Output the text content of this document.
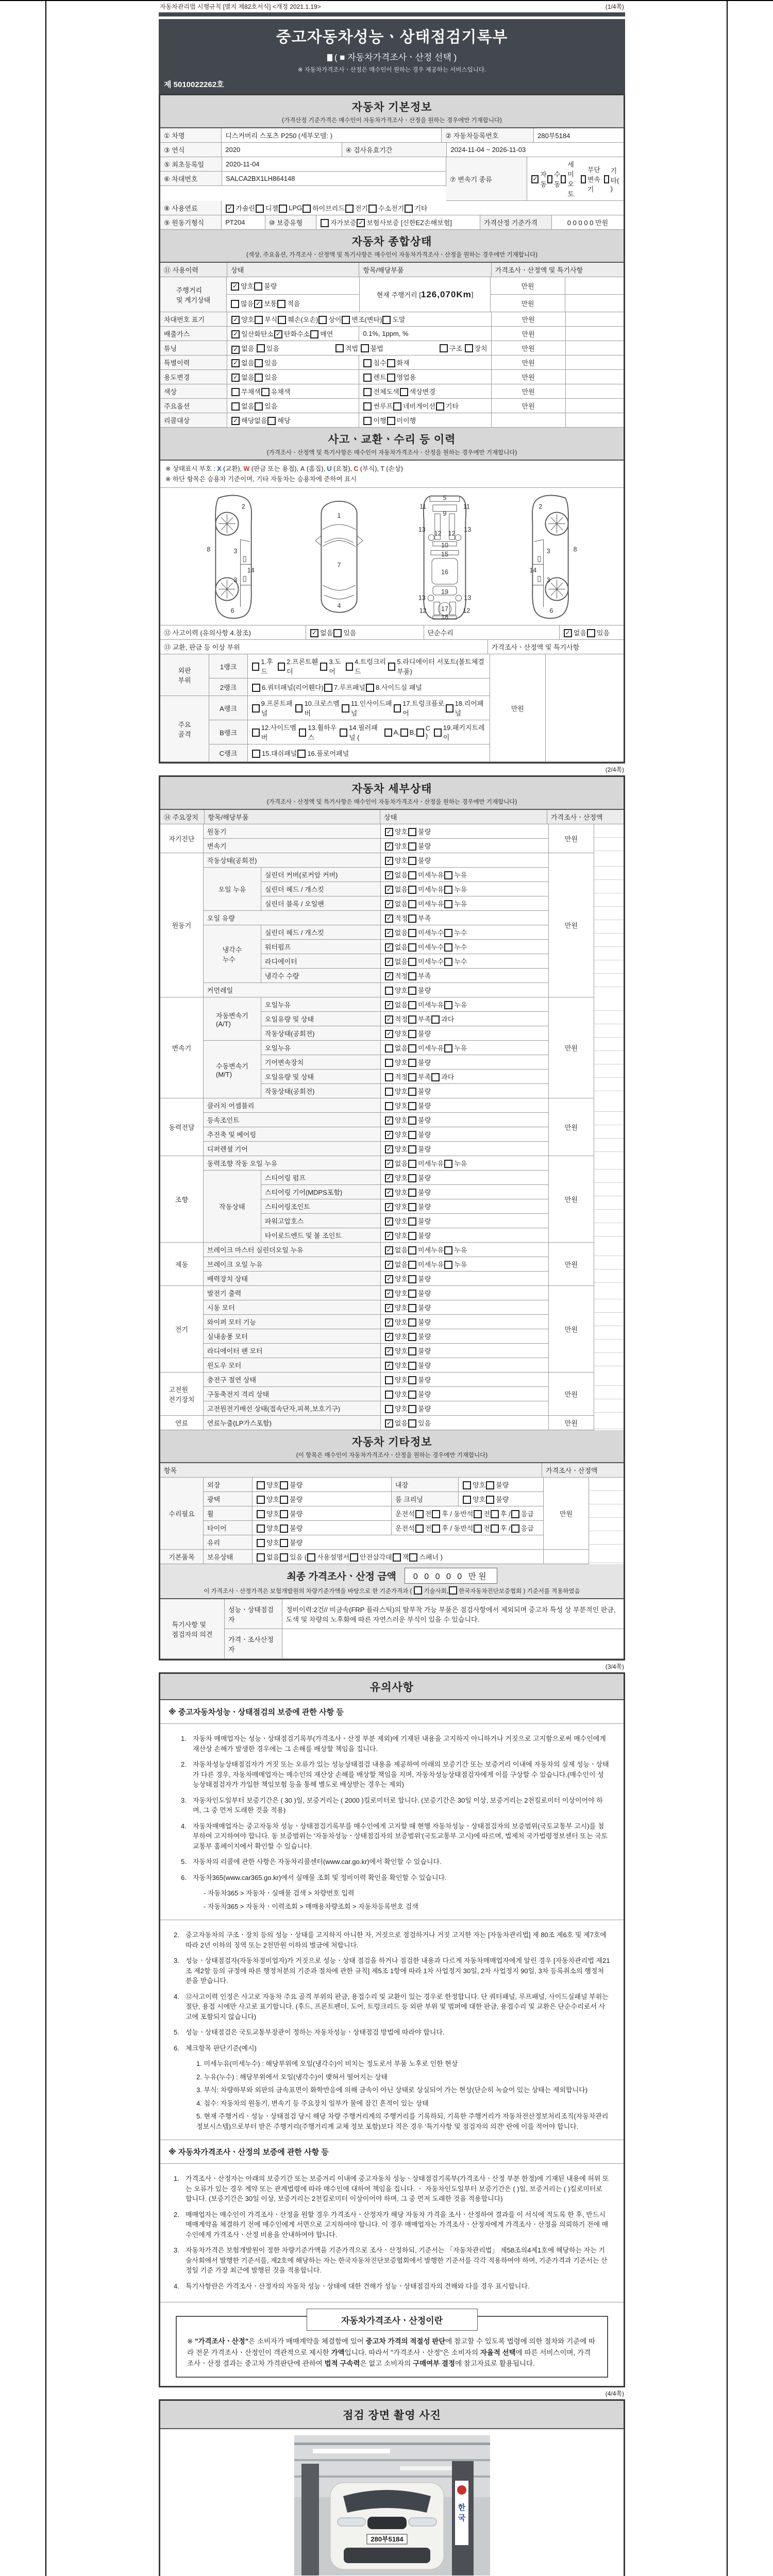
자동차관리법 시행규칙 [별지 제82호서식] <개정 2021.1.19>	(1/4쪽)
중고자동차성능ㆍ상태점검기록부
( ■ 자동차가격조사ㆍ산정 선택 )
※ 자동차가격조사ㆍ산정은 매수인이 원하는 경우 제공하는 서비스입니다.
제 5010022262호
자동차 기본정보

(가격산정 기준가격은 매수인이 자동차가격조사ㆍ산정을 원하는 경우에만 기재합니다)

① 차명	디스커버리 스포츠 P250 (세부모델: )	② 자동차등록번호	280부5184
③ 연식	2020	④ 검사유효기간	2024-11-04 ~ 2026-11-03
⑤ 최초등록일	2020-11-04
⑥ 차대번호	SALCA2BX1LH864148	⑦ 변속기 종류	✓
자동
수동
세미오토

무단변속기
기타( )
⑧ 사용연료	✓ 가솔린
디젤
LPG
하이브리드
전기
수소전기
기타
⑨ 원동기형식	PT204	⑩ 보증유형	자가보증 ✓ 보험사보증 [신한EZ손해보험]	가격산정 기준가격	0 0 0 0 0 만원
자동차 종합상태

(색상, 주요옵션, 가격조사ㆍ산정액 및 특기사항은 매수인이 자동차가격조사ㆍ산정을 원하는 경우에만 기재합니다)

⑪ 사용이력	상태	항목/해당부품	가격조사ㆍ산정액 및 특기사항
주행거리
및 계기상태
✓ 양호
불량
많음 ✓ 보통
적음
현재 주행거리 [ 126,070Km ]
만원
만원
차대번호 표기	✓ 양호
부식
훼손(오손)
상이
변조(변타)
도말	만원
배출가스	✓ 일산화탄소 ✓ 탄화수소
매연	0.1%, 1ppm, %	만원
튜닝	✓ 없음 있음	적법 불법	구조 장치	만원
특별이력	✓ 없음
있음	침수
화재	만원
용도변경	✓ 없음
있음	렌트
영업용	만원
색상	무채색
유채색	전체도색
색상변경	만원
주요옵션	없음
있음	썬루프
네비게이션
기타	만원
리콜대상	✓ 해당없음
해당	이행
미이행
사고ㆍ교환ㆍ수리 등 이력

(가격조사ㆍ산정액 및 특기사항은 매수인이 자동차가격조사ㆍ산정을 원하는 경우에만 기재합니다)

※ 상태표시 부호 : X (교환), W (판금 또는 용접), A (흠집), U (요철), C (부식), T (손상)
※ 하단 항목은 승용차 기준이며, 기타 자동차는 승용차에 준하여 표시
2
8	3
14
3
6
1
7
4
5
9
11	11
12 12
13	13
10
15
16
19
13	13
12	12
17
18
2
8
3
14
3
6
⑫ 사고이력 (유의사항 4.참조)	✓ 없음
있음	단순수리	✓ 없음
있음
⑬ 교환, 판금 등 이상 부위	가격조사ㆍ산정액 및 특기사항
외판
부위
1랭크
1.후드
2.프론트휀더
3.도어
4.트렁크리드

5.라디에이터 서포트(볼트체결부품)
2랭크	6.쿼터패널(리어휀다)
7.루프패널
8.사이드실 패널
주요
골격
A랭크
9.프론트패널
10.크로스멤버
11.인사이드패널
17.트렁크플로어

18.리어패널
B랭크
12.사이드멤버
13.휠하우스
14.필러패널 (
A,
B,
C )

19.패키지트레이
C랭크	15.대쉬패널
16.플로어패널
만원
(2/4쪽)
자동차 세부상태

(가격조사ㆍ산정액 및 특기사항은 매수인이 자동차가격조사ㆍ산정을 원하는 경우에만 기재합니다)

⑭ 주요장치	항목/해당부품	상태	가격조사ㆍ산정액
자기진단
원동기	✓ 양호
불량
변속기	✓ 양호
불량
만원
원동기
작동상태(공회전)	✓ 양호
불량
오일 누유
실린더 커버(로커암 커버)	✓ 없음
미세누유
누유
실린더 헤드 / 개스킷	✓ 없음
미세누유
누유
실린더 블록 / 오일팬	✓ 없음
미세누유
누유
오일 유량	✓ 적정
부족
냉각수
누수
실린더 헤드 / 개스킷	✓ 없음
미세누수
누수
워터펌프	✓ 없음
미세누수
누수
라디에이터	✓ 없음
미세누수
누수
냉각수 수량	✓ 적정
부족
커먼레일	양호
불량
만원
변속기
자동변속기
(A/T)
오일누유	✓ 없음
미세누유
누유
오일유량 및 상태	✓ 적정
부족
과다
작동상태(공회전)	✓ 양호
불량
수동변속기
(M/T)
오일누유	없음
미세누유
누유
기어변속장치	양호
불량
오일유량 및 상태	적정
부족
과다
작동상태(공회전)	양호
불량
만원
동력전달
클러치 어셈블리	양호
불량
등속조인트	✓ 양호
불량
추진축 및 베어링	✓ 양호
불량
디퍼렌셜 기어	✓ 양호
불량
만원
조향
동력조향 작동 오일 누유	✓ 없음
미세누유
누유
작동상태
스티어링 펌프	✓ 양호
불량
스티어링 기어(MDPS포함)	✓ 양호
불량
스티어링조인트	✓ 양호
불량
파워고압호스	✓ 양호
불량
타이로드엔드 및 볼 조인트	✓ 양호
불량
만원
제동
브레이크 마스터 실린더오일 누유	✓ 없음
미세누유
누유
브레이크 오일 누유	✓ 없음
미세누유
누유
배력장치 상태	✓ 양호
불량
만원
전기
발전기 출력	✓ 양호
불량
시동 모터	✓ 양호
불량
와이퍼 모터 기능	✓ 양호
불량
실내송풍 모터	✓ 양호
불량
라디에이터 팬 모터	✓ 양호
불량
윈도우 모터	✓ 양호
불량
만원
고전원
전기장치
충전구 절연 상태	양호
불량
구동축전지 격리 상태	양호
불량
고전원전기배선 상태(접속단자,피복,보호기구)	양호
불량
만원
연료	연료누출(LP가스포함)	✓ 없음
있음	만원
자동차 기타정보

(이 항목은 매수인이 자동차가격조사ㆍ산정을 원하는 경우에만 기재합니다)

항목	가격조사ㆍ산정액
수리필요
외장	양호
불량	내장	양호
불량
광택	양호
불량	룸 크리닝	양호
불량
휠	양호
불량	운전석
전
후 / 동반석
전
후 /
응급
타이어	양호
불량	운전석
전
후 / 동반석
전
후 /
응급
유리	양호
불량
만원
기본품목	보유상태	없음
있음 (
사용설명서
안전삼각대
잭
스패너 )
최종 가격조사ㆍ산정 금액	0 0 0 0 0 만원
이 가격조사ㆍ산정가격은 보험개발원의 차량기준가액을 바탕으로 한 기준가격과 ( 기술사회, 한국자동차진단보증협회 ) 기준서를 적용하였음
특기사항 및
점검자의 의견
성능ㆍ상태점검자
정비이력:2건// 비금속(FRP 플라스틱)의 탈부착 가능 부품은 점검사항에서 제외되며 중고차 특성 상 부분적인 판금,도색 및 차량의 노후화에 따른 자연스러운 부식이 있을 수 있습니다.
가격ㆍ조사산정자
(3/4쪽)
유의사항
※ 중고자동차성능ㆍ상태점검의 보증에 관한 사항 등
1. 자동차 매매업자는 성능ㆍ상태점검기록부(가격조사ㆍ산정 부분 제외)에 기재된 내용을 고지하지 아니하거나 거짓으로 고지함으로써 매수인에게 재산상 손해가 발생한 경우에는 그 손해를 배상할 책임을 집니다.
2. 자동차성능상태점검자가 거짓 또는 오류가 있는 성능상태점검 내용을 제공하여 아래의 보증기간 또는 보증거리 이내에 자동차의 실제 성능ㆍ상태가 다른 경우, 자동차매매업자는 매수인의 재산상 손해를 배상할 책임을 지며, 자동차성능상태점검자에게 이를 구상할 수 있습니다.(매수인이 성능상태점검자가 가입한 책임보험 등을 통해 별도로 배상받는 경우는 제외)
3. 자동차인도일부터 보증기간은 ( 30 )일, 보증거리는 ( 2000 )킬로미터로 합니다. (보증기간은 30일 이상, 보증거리는 2천킬로미터 이상이어야 하며, 그 중 먼저 도래한 것을 적용)
4. 자동차매매업자는 중고자동차 성능ㆍ상태점검기록부를 매수인에게 고지할 때 현행 자동차성능ㆍ상태점검자의 보증범위(국토교통부 고시)를 첨부하여 고지하여야 합니다. 동 보증범위는 '자동차성능ㆍ상태점검자의 보증범위'(국토교통부 고시)에 따르며, 법제처 국가법령정보센터 또는 국토교통부 홈페이지에서 확인할 수 있습니다.
5. 자동차의 리콜에 관한 사항은 자동차리콜센터(www.car.go.kr)에서 확인할 수 있습니다.
6. 자동차365(www.car365.go.kr)에서 실매물 조회 및 정비이력 확인을 확인할 수 있습니다.
- 자동차365 > 자동차ㆍ실매물 검색 > 차량번호 입력
- 자동차365 > 자동차ㆍ이력조회 > 매매용차량조회 > 자동차등록번호 검색
2. 중고자동차의 구조ㆍ장치 등의 성능ㆍ상태를 고지하지 아니한 자, 거짓으로 점검하거나 거짓 고지한 자는 [자동차관리법] 제 80조 제6호 및 제7호에 따라 2년 이하의 징역 또는 2천만원 이하의 벌금에 처합니다.
3. 성능ㆍ상태점검자(자동차정비업자)가 거짓으로 성능ㆍ상태 점검을 하거나 점검한 내용과 다르게 자동차매매업자에게 알린 경우 [자동차관리법 제21조 제2항 등의 규정에 따른 행정처분의 기준과 절차에 관한 규칙] 제5조 1항에 따라 1차 사업정지 30일, 2차 사업정지 90일, 3차 등록취소의 행정처분을 받습니다.
4. ⑫사고이력 인정은 사고로 자동차 주요 골격 부위의 판금, 용접수리 및 교환이 있는 경우로 한정합니다. 단 쿼터패널, 루프패널, 사이드실패널 부위는 절단, 용접 시에만 사고로 표기합니다. (후드, 프론트펜더, 도어, 트렁크리드 등 외판 부위 및 범퍼에 대한 판금, 용접수리 및 교환은 단순수리로서 사고에 포함되지 않습니다)
5. 성능ㆍ상태점검은 국토교통부장관이 정하는 자동차성능ㆍ상태점검 방법에 따라야 합니다.
6. 체크항목 판단기준(예시)
1. 미세누유(미세누수) : 해당부위에 오일(냉각수)이 비치는 정도로서 부품 노후로 인한 현상
2. 누유(누수) : 해당부위에서 오일(냉각수)이 맺혀서 떨어지는 상태
3. 부식: 차량하부와 외판의 금속표면이 화학반응에 의해 금속이 아닌 상태로 상실되어 가는 현상(단순히 녹슬어 있는 상태는 제외합니다)
4. 침수: 자동차의 원동기, 변속기 등 주요장치 일부가 물에 잠긴 흔적이 있는 상태
5. 현재 주행거리ㆍ성능ㆍ상태점검 당시 해당 차량 주행거리계의 주행거리를 기록하되, 기록한 주행거리가 자동차전산정보처리조직(자동차관리정보시스템)으로부터 받은 주행거리(주행거리계 교체 정보 포함)보다 적은 경우 '특기사항 및 점검자의 의견' 란에 이를 적어야 합니다.
※ 자동차가격조사ㆍ산정의 보증에 관한 사항 등
1. 가격조사ㆍ산정자는 아래의 보증기간 또는 보증거리 이내에 중고자동차 성능ㆍ상태점검기록부(가격조사ㆍ산정 부분 한정)에 기재된 내용에 허위 또는 오류가 있는 경우 계약 또는 관계법령에 따라 매수인에 대하여 책임을 집니다. ㆍ 자동차인도일부터 보증기간은 ( )일, 보증거리는 ( )킬로미터로 합니다. (보증기간은 30일 이상, 보증거리는 2천킬로미터 이상이어야 하며, 그 중 먼저 도래한 것을 적용합니다)
2. 매매업자는 매수인이 가격조사ㆍ산정을 원할 경우 가격조사ㆍ산정자가 해당 자동차 가격을 조사ㆍ산정하여 결과를 이 서식에 적도록 한 후, 반드시 매매계약을 체결하기 전에 매수인에게 서면으로 고지하여야 합니다. 이 경우 매매업자는 가격조사ㆍ산정자에게 가격조사ㆍ산정을 의뢰하기 전에 매수인에게 가격조사ㆍ산정 비용을 안내하여야 합니다.
3. 자동차가격은 보험개발원이 정한 차량기준가액을 기준가격으로 조사ㆍ산정하되, 기준서는 「자동차관리법」 제58조의4제1호에 해당하는 자는 기술사회에서 발행한 기준서를, 제2호에 해당하는 자는 한국자동차진단보증협회에서 발행한 기준서를 각각 적용하여야 하며, 기준가격과 기준서는 산정일 기준 가장 최근에 발행된 것을 적용합니다.
4. 특기사항란은 가격조사ㆍ산정자의 자동차 성능ㆍ상태에 대한 견해가 성능ㆍ상태점검자의 견해와 다를 경우 표시합니다.
자동차가격조사ㆍ산정이란
※ "가격조사ㆍ산정"은 소비자가 매매계약을 체결함에 있어 중고차 가격의 적절성 판단에 참고할 수 있도록 법령에 의한 절차와 기준에 따라 전문 가격조사ㆍ산정인이 객관적으로 제시한 가액입니다. 따라서 "가격조사ㆍ산정"은 소비자의 자율적 선택에 따른 서비스이며, 가격조사ㆍ산정 결과는 중고차 가격판단에 관하여 법적 구속력은 없고 소비자의 구매여부 결정에 참고자료로 활용됩니다.
(4/4쪽)
점검 장면 촬영 사진
한
국
280부5184
